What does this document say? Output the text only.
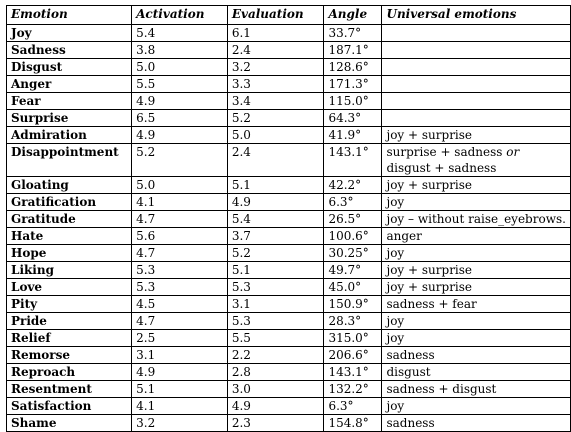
Emotion	Activation	Evaluation	Angle	Universal emotions
Joy	5.4	6.1	33.7°	
Sadness	3.8	2.4	187.1°	
Disgust	5.0	3.2	128.6°	
Anger	5.5	3.3	171.3°	
Fear	4.9	3.4	115.0°	
Surprise	6.5	5.2	64.3°	
Admiration	4.9	5.0	41.9°	joy + surprise
Disappointment	5.2	2.4	143.1°	surprise + sadness or
disgust + sadness

Gloating	5.0	5.1	42.2°	joy + surprise
Gratification	4.1	4.9	6.3°	joy
Gratitude	4.7	5.4	26.5°	joy – without raise_eyebrows.
Hate	5.6	3.7	100.6°	anger
Hope	4.7	5.2	30.25°	joy
Liking	5.3	5.1	49.7°	joy + surprise
Love	5.3	5.3	45.0°	joy + surprise
Pity	4.5	3.1	150.9°	sadness + fear
Pride	4.7	5.3	28.3°	joy
Relief	2.5	5.5	315.0°	joy
Remorse	3.1	2.2	206.6°	sadness
Reproach	4.9	2.8	143.1°	disgust
Resentment	5.1	3.0	132.2°	sadness + disgust
Satisfaction	4.1	4.9	6.3°	joy
Shame	3.2	2.3	154.8°	sadness
